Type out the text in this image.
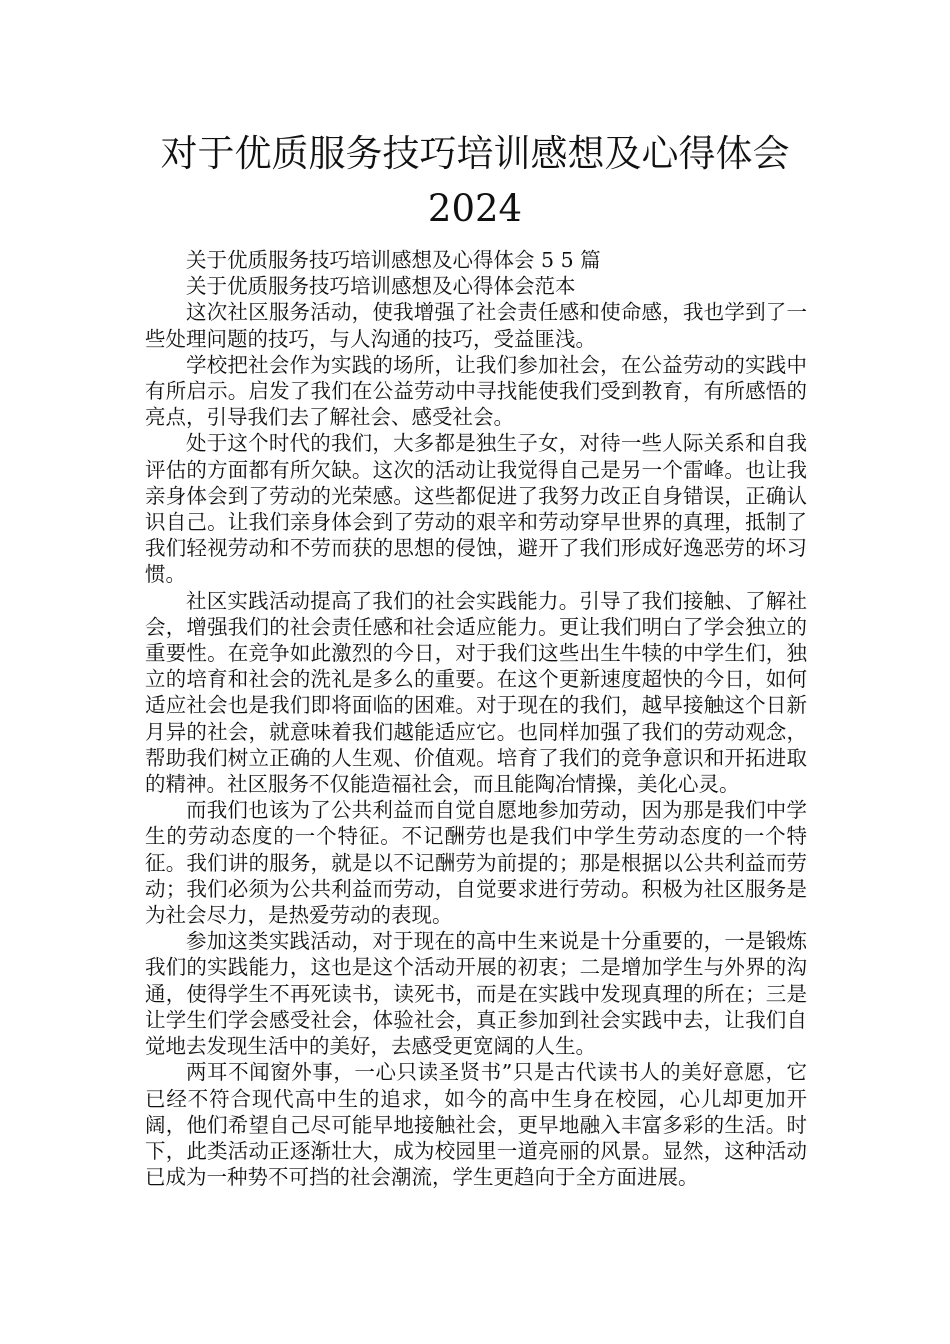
对于优质服务技巧培训感想及心得体会
2024

关于优质服务技巧培训感想及心得体会 5 5 篇

关于优质服务技巧培训感想及心得体会范本

这次社区服务活动，使我增强了社会责任感和使命感，我也学到了一些处理问题的技巧，与人沟通的技巧，受益匪浅。

学校把社会作为实践的场所，让我们参加社会，在公益劳动的实践中有所启示。启发了我们在公益劳动中寻找能使我们受到教育，有所感悟的亮点，引导我们去了解社会、感受社会。

处于这个时代的我们，大多都是独生子女，对待一些人际关系和自我评估的方面都有所欠缺。这次的活动让我觉得自己是另一个雷峰。也让我亲身体会到了劳动的光荣感。这些都促进了我努力改正自身错误，正确认识自己。让我们亲身体会到了劳动的艰辛和劳动穿早世界的真理，抵制了我们轻视劳动和不劳而获的思想的侵蚀，避开了我们形成好逸恶劳的坏习惯。

社区实践活动提高了我们的社会实践能力。引导了我们接触、了解社会，增强我们的社会责任感和社会适应能力。更让我们明白了学会独立的重要性。在竞争如此激烈的今日，对于我们这些出生牛犊的中学生们，独立的培育和社会的洗礼是多么的重要。在这个更新速度超快的今日，如何适应社会也是我们即将面临的困难。对于现在的我们，越早接触这个日新月异的社会，就意味着我们越能适应它。也同样加强了我们的劳动观念，帮助我们树立正确的人生观、价值观。培育了我们的竞争意识和开拓进取的精神。社区服务不仅能造福社会，而且能陶冶情操，美化心灵。

而我们也该为了公共利益而自觉自愿地参加劳动，因为那是我们中学生的劳动态度的一个特征。不记酬劳也是我们中学生劳动态度的一个特征。我们讲的服务，就是以不记酬劳为前提的；那是根据以公共利益而劳动；我们必须为公共利益而劳动，自觉要求进行劳动。积极为社区服务是为社会尽力，是热爱劳动的表现。

参加这类实践活动，对于现在的高中生来说是十分重要的，一是锻炼我们的实践能力，这也是这个活动开展的初衷；二是增加学生与外界的沟通，使得学生不再死读书，读死书，而是在实践中发现真理的所在；三是让学生们学会感受社会，体验社会，真正参加到社会实践中去，让我们自觉地去发现生活中的美好，去感受更宽阔的人生。

两耳不闻窗外事，一心只读圣贤书”只是古代读书人的美好意愿，它已经不符合现代高中生的追求，如今的高中生身在校园，心儿却更加开阔，他们希望自己尽可能早地接触社会，更早地融入丰富多彩的生活。时下，此类活动正逐渐壮大，成为校园里一道亮丽的风景。显然，这种活动已成为一种势不可挡的社会潮流，学生更趋向于全方面进展。
